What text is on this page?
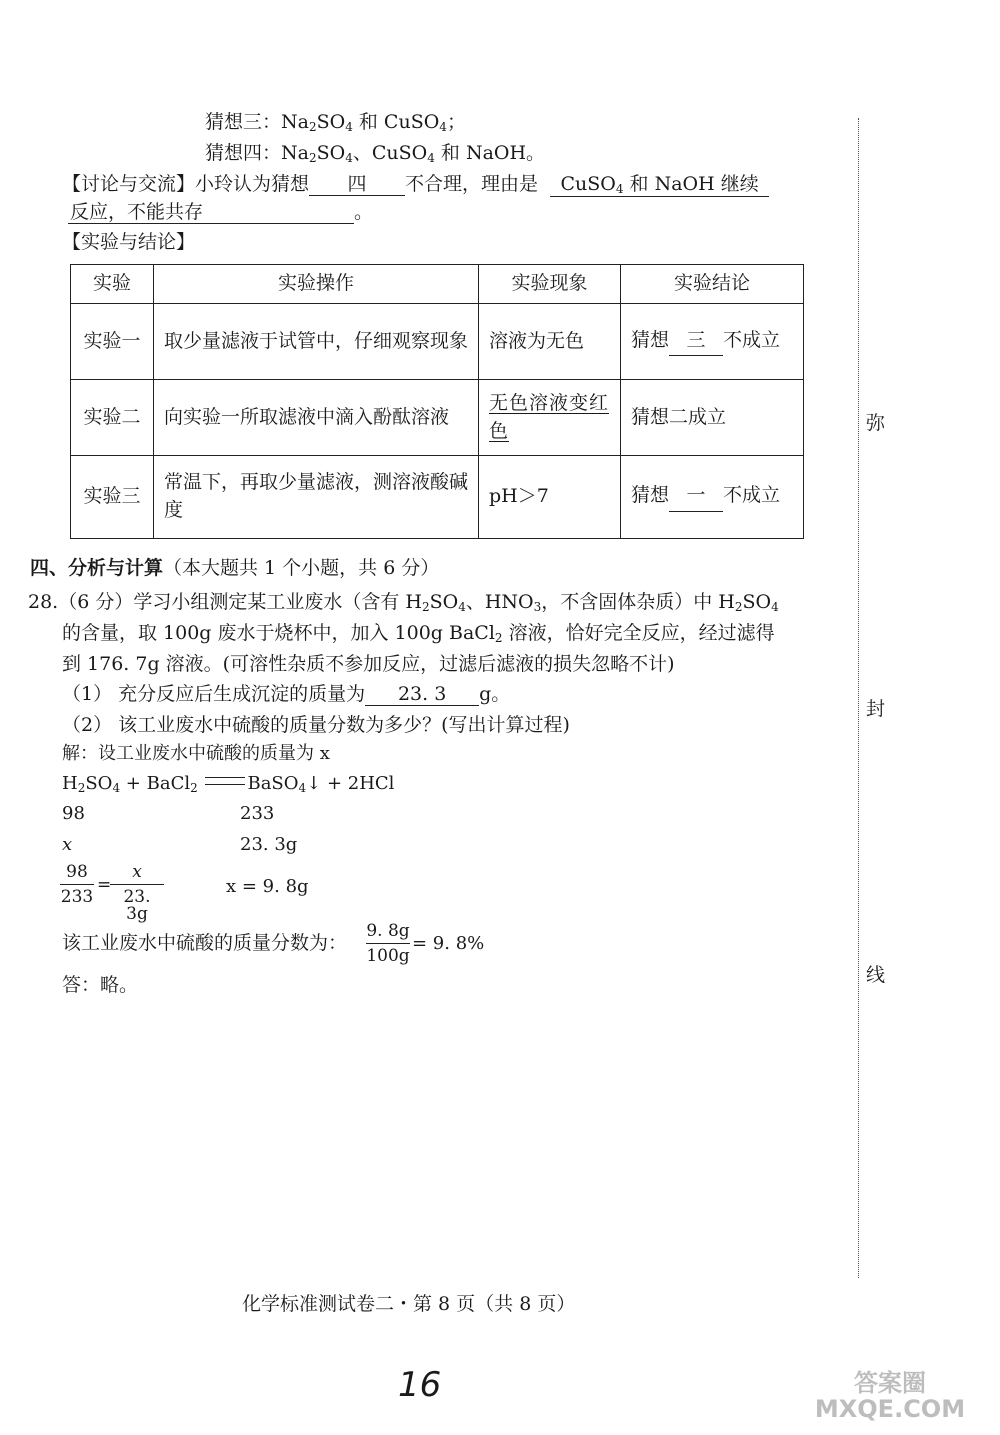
猜想三：$Na_2SO_4$ 和 CuSO$_4$；
猜想四：$Na_2SO_4$、CuSO$_4$ 和 NaOH。
【讨论与交流】小玲认为猜想 四 不合理，理由是 CuSO$_4$ 和 NaOH 继续
反应，不能共存	。
【实验与结论】
实验	实验操作	实验现象	实验结论
实验一	取少量滤液于试管中，仔细观察现象	溶液为无色	猜想 三 不成立
实验二	向实验一所取滤液中滴入酚酞溶液	无色溶液变红色	猜想二成立
实验三	常温下，再取少量滤液，测溶液酸碱度	pH＞7	猜想 一 不成立
四、分析与计算（本大题共 1 个小题，共 6 分）
28.（6 分）学习小组测定某工业废水（含有 $H_2SO_4$、$HNO_3$，不含固体杂质）中 $H_2SO_4$
的含量，取 100g 废水于烧杯中，加入 100g BaCl$_2$ 溶液，恰好完全反应，经过滤得
到 176. 7g 溶液。(可溶性杂质不参加反应，过滤后滤液的损失忽略不计)
（1） 充分反应后生成沉淀的质量为 23. 3 g。
（2） 该工业废水中硫酸的质量分数为多少？(写出计算过程)
解：设工业废水中硫酸的质量为 x
$H_2SO_4$ + BaCl$_2$	BaSO$_4$↓ + 2HCl
98	233
x	23. 3g
$\frac{98}{233}$ =
$\frac{x}{23. 3g}$	x = 9. 8g
该工业废水中硫酸的质量分数为： $\frac{9. 8g}{100g} = 9$. 8%
答：略。
弥
封
线
化学标准测试卷二・第 8 页（共 8 页）
16	答案圈 MXQE.COM
